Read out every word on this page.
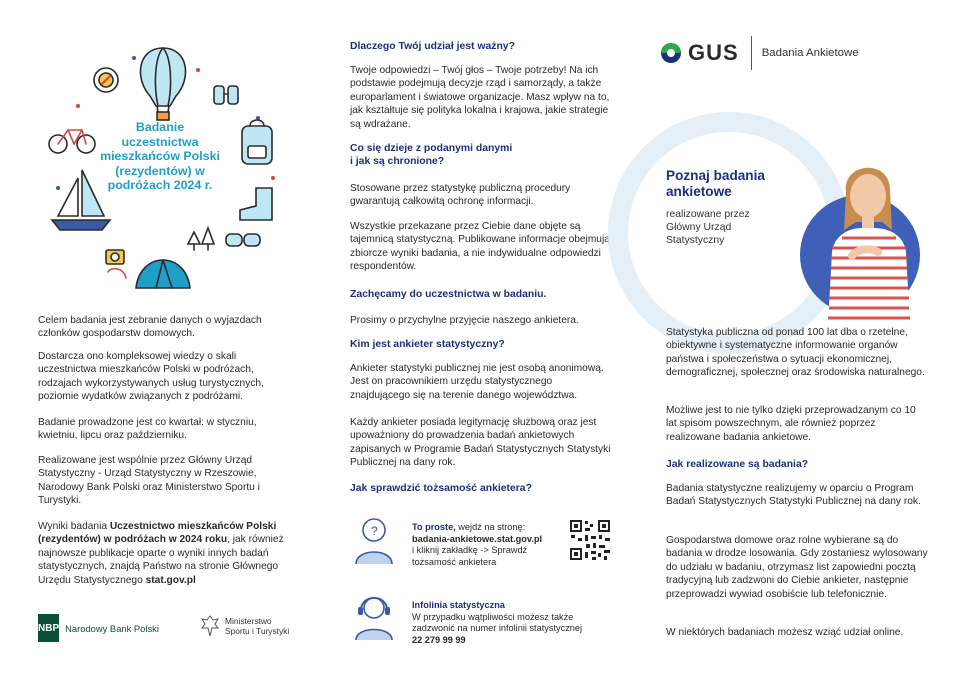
Badanie uczestnictwa mieszkańców Polski (rezydentów) w podróżach 2024 r.

Celem badania jest zebranie danych o wyjazdach członków gospodarstw domowych.

Dostarcza ono kompleksowej wiedzy o skali uczestnictwa mieszkańców Polski w podróżach, rodzajach wykorzystywanych usług turystycznych, poziomie wydatków związanych z podróżami.

Badanie prowadzone jest co kwartał: w styczniu, kwietniu, lipcu oraz październiku.

Realizowane jest wspólnie przez Główny Urząd Statystyczny - Urząd Statystyczny w Rzeszowie, Narodowy Bank Polski oraz Ministerstwo Sportu i Turystyki.

Wyniki badania Uczestnictwo mieszkańców Polski (rezydentów) w podróżach w 2024 roku, jak również najnowsze publikacje oparte o wyniki innych badań statystycznych, znajdą Państwo na stronie Głównego Urzędu Statystycznego stat.gov.pl

NBP Narodowy Bank Polski
Ministerstwo
Sportu i Turystyki
Dlaczego Twój udział jest ważny?

Twoje odpowiedzi – Twój głos – Twoje potrzeby! Na ich podstawie podejmują decyzje rząd i samorządy, a także europarlament i światowe organizacje. Masz wpływ na to, jak kształtuje się polityka lokalna i krajowa, jakie strategie są wdrażane.

Co się dzieje z podanymi danymi
i jak są chronione?

Stosowane przez statystykę publiczną procedury gwarantują całkowitą ochronę informacji.

Wszystkie przekazane przez Ciebie dane objęte są tajemnicą statystyczną. Publikowane informacje obejmują zbiorcze wyniki badania, a nie indywidualne odpowiedzi respondentów.

Zachęcamy do uczestnictwa w badaniu.

Prosimy o przychylne przyjęcie naszego ankietera.

Kim jest ankieter statystyczny?

Ankieter statystyki publicznej nie jest osobą anonimową. Jest on pracownikiem urzędu statystycznego znajdującego się na terenie danego województwa.

Każdy ankieter posiada legitymację służbową oraz jest upoważniony do prowadzenia badań ankietowych zapisanych w Programie Badań Statystycznych Statystyki Publicznej na dany rok.

Jak sprawdzić tożsamość ankietera?
?	To proste, wejdź na stronę:
badania-ankietowe.stat.gov.pl
i kliknij zakładkę -> Sprawdź
tożsamość ankietera
Infolinia statystyczna
W przypadku wątpliwości możesz także
zadzwonić na numer infolinii statystycznej
22 279 99 99
GUS Badania Ankietowe
Poznaj badania ankietowe
realizowane przez Główny Urząd Statystyczny

Statystyka publiczna od ponad 100 lat dba o rzetelne, obiektywne i systematyczne informowanie organów państwa i społeczeństwa o sytuacji ekonomicznej, demograficznej, społecznej oraz środowiska naturalnego.

Możliwe jest to nie tylko dzięki przeprowadzanym co 10 lat spisom powszechnym, ale również poprzez realizowane badania ankietowe.

Jak realizowane są badania?

Badania statystyczne realizujemy w oparciu o Program Badań Statystycznych Statystyki Publicznej na dany rok.

Gospodarstwa domowe oraz rolne wybierane są do badania w drodze losowania. Gdy zostaniesz wylosowany do udziału w badaniu, otrzymasz list zapowiedni pocztą tradycyjną lub zadzwoni do Ciebie ankieter, następnie przeprowadzi wywiad osobiście lub telefonicznie.

W niektórych badaniach możesz wziąć udział online.
